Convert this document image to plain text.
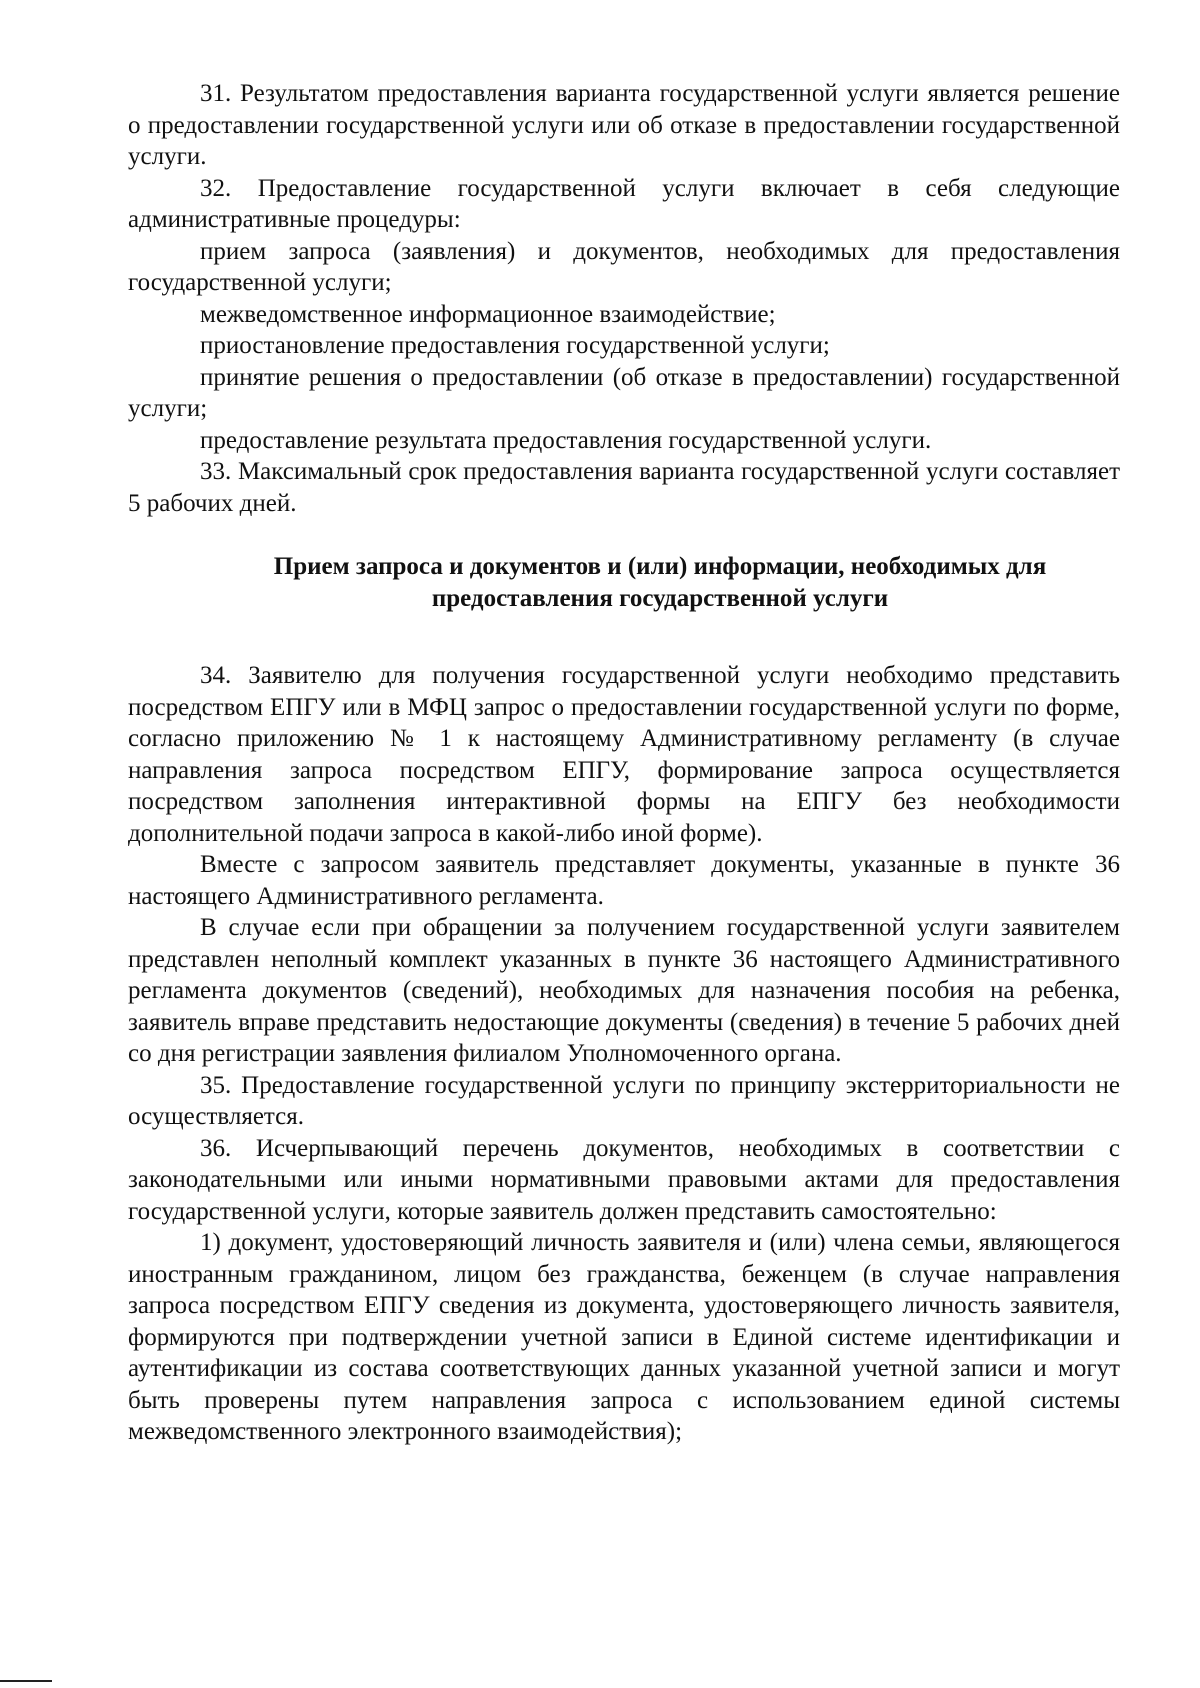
31. Результатом предоставления варианта государственной услуги является решение о предоставлении государственной услуги или об отказе в предоставлении государственной услуги.

32. Предоставление государственной услуги включает в себя следующие административные процедуры:

прием запроса (заявления) и документов, необходимых для предоставления государственной услуги;

межведомственное информационное взаимодействие;

приостановление предоставления государственной услуги;

принятие решения о предоставлении (об отказе в предоставлении) государственной услуги;

предоставление результата предоставления государственной услуги.

33. Максимальный срок предоставления варианта государственной услуги составляет 5 рабочих дней.

Прием запроса и документов и (или) информации, необходимых для
предоставления государственной услуги

34. Заявителю для получения государственной услуги необходимо представить посредством ЕПГУ или в МФЦ запрос о предоставлении государственной услуги по форме, согласно приложению № 1 к настоящему Административному регламенту (в случае направления запроса посредством ЕПГУ, формирование запроса осуществляется посредством заполнения интерактивной формы на ЕПГУ без необходимости дополнительной подачи запроса в какой-либо иной форме).

Вместе с запросом заявитель представляет документы, указанные в пункте 36 настоящего Административного регламента.

В случае если при обращении за получением государственной услуги заявителем представлен неполный комплект указанных в пункте 36 настоящего Административного регламента документов (сведений), необходимых для назначения пособия на ребенка, заявитель вправе представить недостающие документы (сведения) в течение 5 рабочих дней со дня регистрации заявления филиалом Уполномоченного органа.

35. Предоставление государственной услуги по принципу экстерриториальности не осуществляется.

36. Исчерпывающий перечень документов, необходимых в соответствии с законодательными или иными нормативными правовыми актами для предоставления государственной услуги, которые заявитель должен представить самостоятельно:

1) документ, удостоверяющий личность заявителя и (или) члена семьи, являющегося иностранным гражданином, лицом без гражданства, беженцем (в случае направления запроса посредством ЕПГУ сведения из документа, удостоверяющего личность заявителя, формируются при подтверждении учетной записи в Единой системе идентификации и аутентификации из состава соответствующих данных указанной учетной записи и могут быть проверены путем направления запроса с использованием единой системы межведомственного электронного взаимодействия);
